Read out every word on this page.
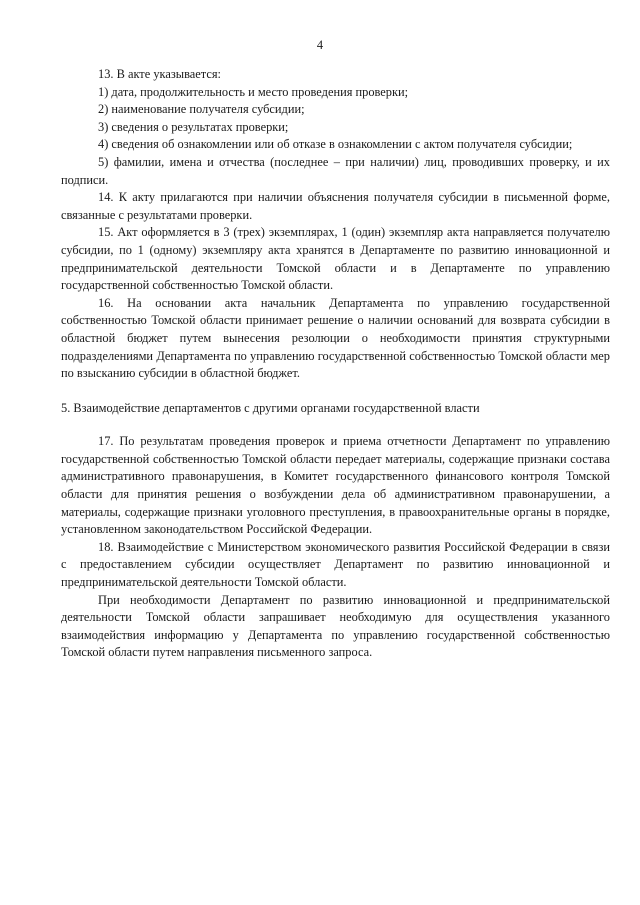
4

13. В акте указывается:

1) дата, продолжительность и место проведения проверки;

2) наименование получателя субсидии;

3) сведения о результатах проверки;

4) сведения об ознакомлении или об отказе в ознакомлении с актом получателя субсидии;

5) фамилии, имена и отчества (последнее – при наличии) лиц, проводивших проверку, и их подписи.

14. К акту прилагаются при наличии объяснения получателя субсидии в письменной форме, связанные с результатами проверки.

15. Акт оформляется в 3 (трех) экземплярах, 1 (один) экземпляр акта направляется получателю субсидии, по 1 (одному) экземпляру акта хранятся в Департаменте по развитию инновационной и предпринимательской деятельности Томской области и в Департаменте по управлению государственной собственностью Томской области.

16. На основании акта начальник Департамента по управлению государственной собственностью Томской области принимает решение о наличии оснований для возврата субсидии в областной бюджет путем вынесения резолюции о необходимости принятия структурными подразделениями Департамента по управлению государственной собственностью Томской области мер по взысканию субсидии в областной бюджет.

5. Взаимодействие департаментов с другими органами государственной власти

17. По результатам проведения проверок и приема отчетности Департамент по управлению государственной собственностью Томской области передает материалы, содержащие признаки состава административного правонарушения, в Комитет государственного финансового контроля Томской области для принятия решения о возбуждении дела об административном правонарушении, а материалы, содержащие признаки уголовного преступления, в правоохранительные органы в порядке, установленном законодательством Российской Федерации.

18. Взаимодействие с Министерством экономического развития Российской Федерации в связи с предоставлением субсидии осуществляет Департамент по развитию инновационной и предпринимательской деятельности Томской области.

При необходимости Департамент по развитию инновационной и предпринимательской деятельности Томской области запрашивает необходимую для осуществления указанного взаимодействия информацию у Департамента по управлению государственной собственностью Томской области путем направления письменного запроса.
